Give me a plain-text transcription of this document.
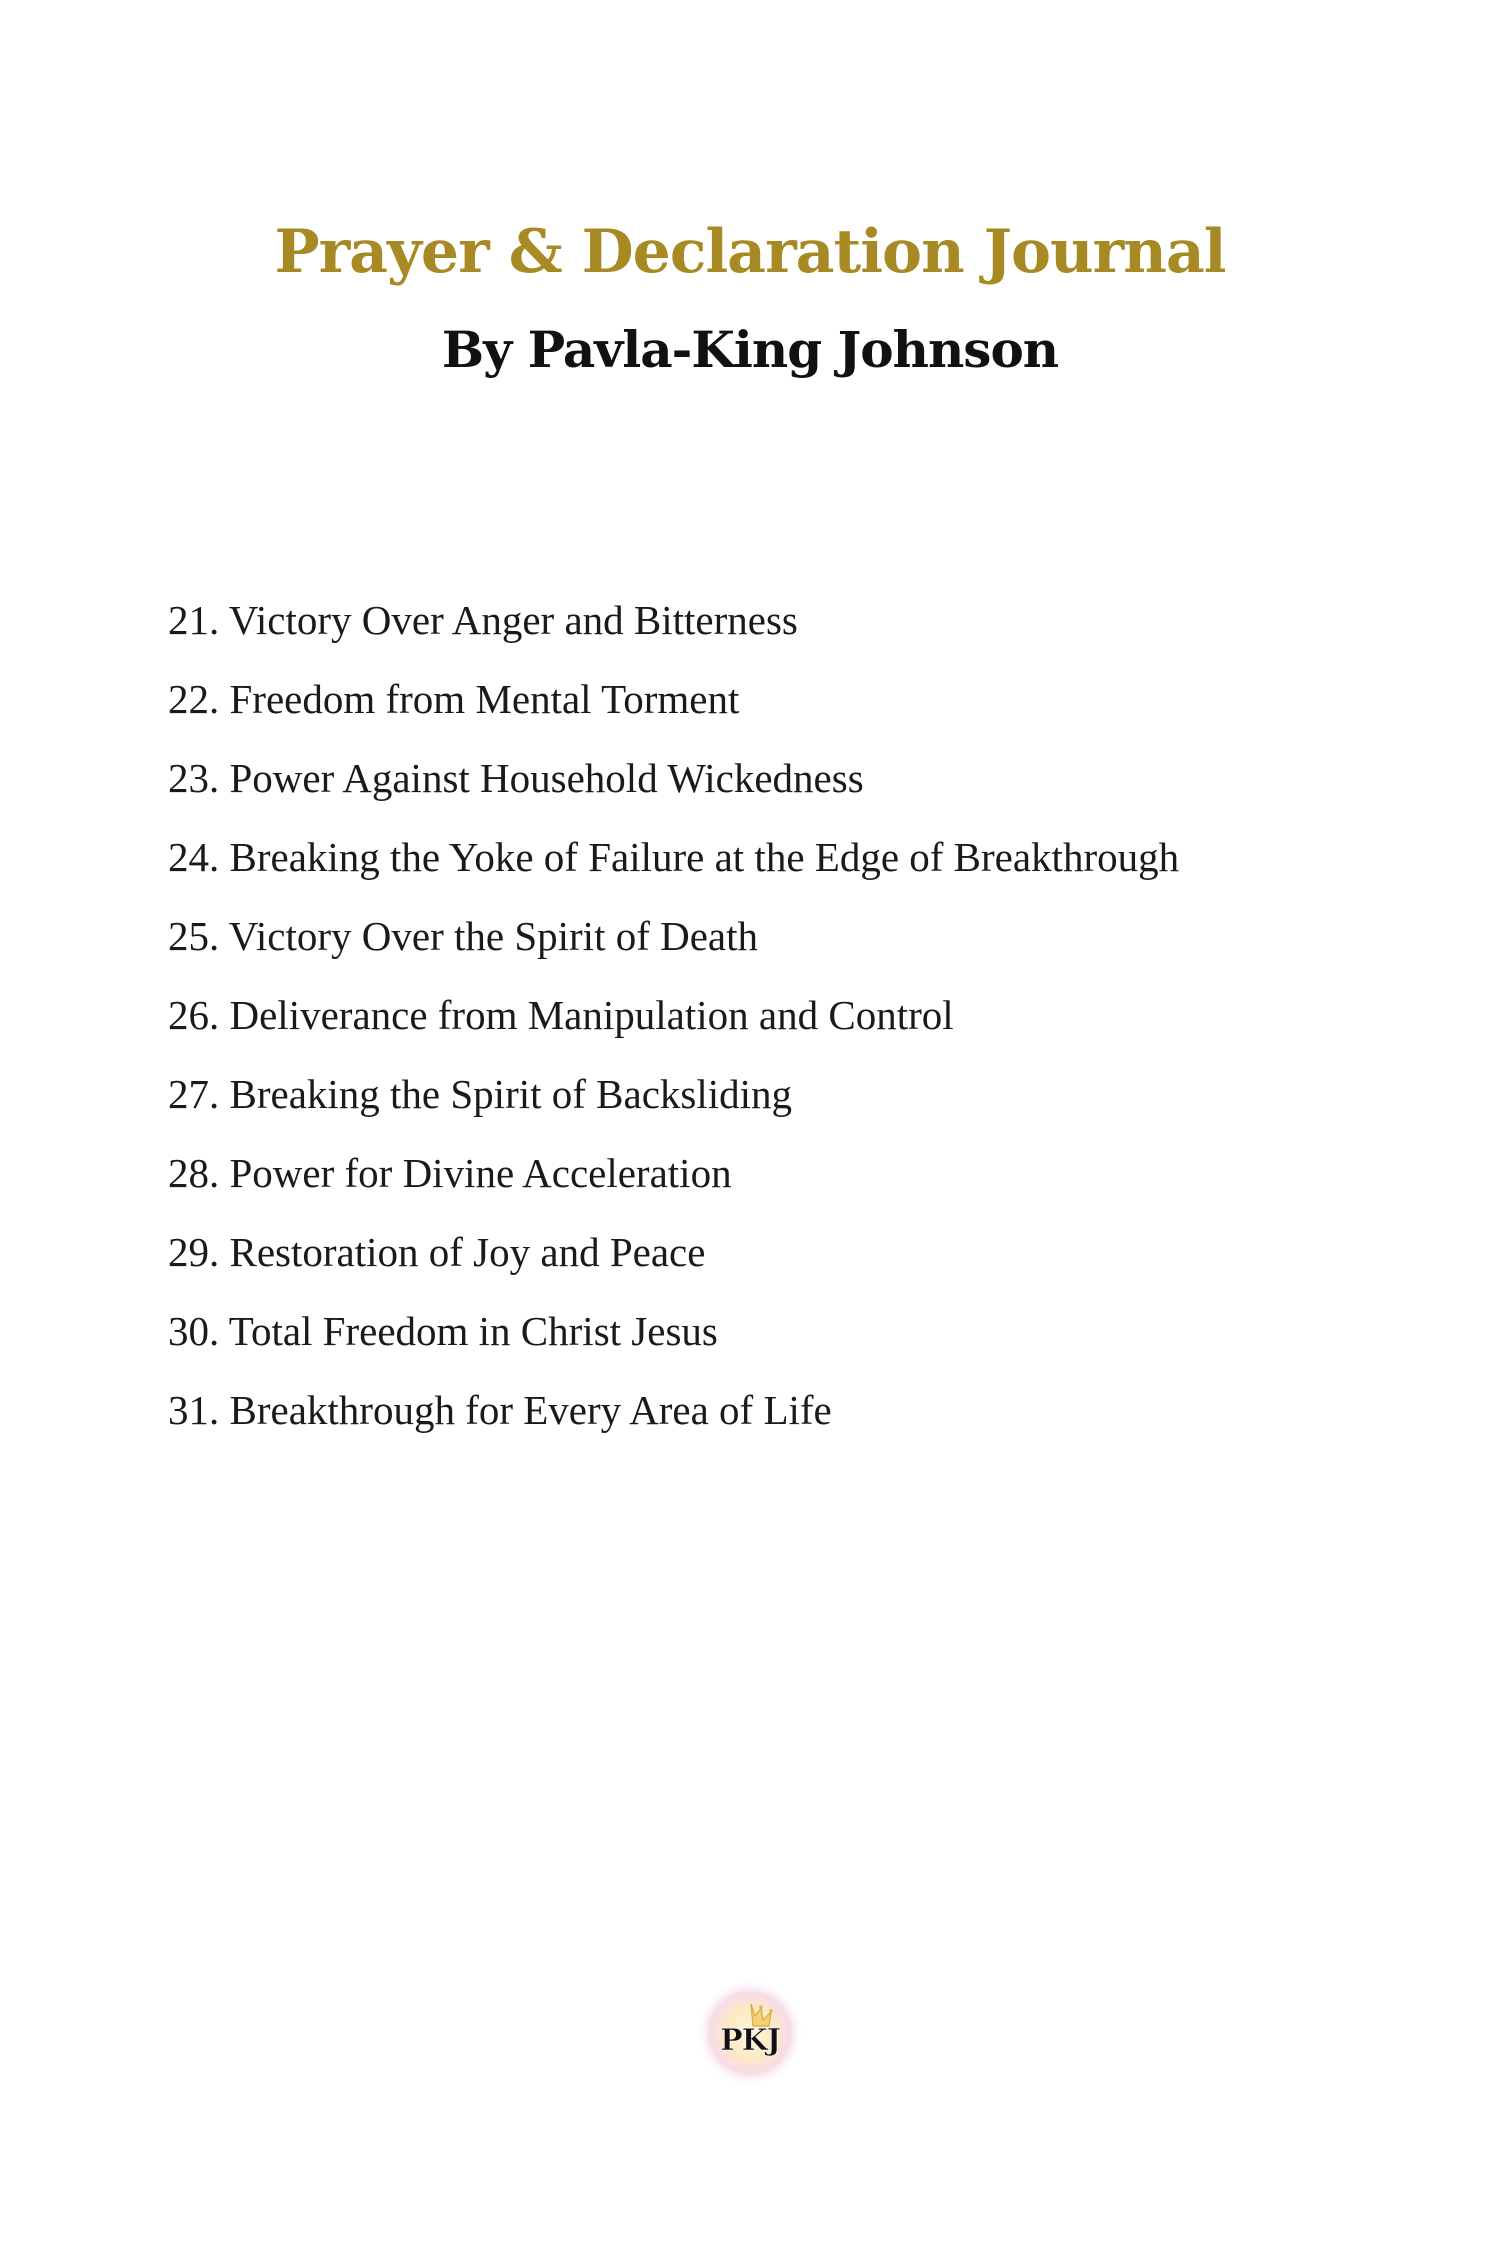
Prayer & Declaration Journal
By Pavla-King Johnson
21. Victory Over Anger and Bitterness
22. Freedom from Mental Torment
23. Power Against Household Wickedness
24. Breaking the Yoke of Failure at the Edge of Breakthrough
25. Victory Over the Spirit of Death
26. Deliverance from Manipulation and Control
27. Breaking the Spirit of Backsliding
28. Power for Divine Acceleration
29. Restoration of Joy and Peace
30. Total Freedom in Christ Jesus
31. Breakthrough for Every Area of Life
PKJ
